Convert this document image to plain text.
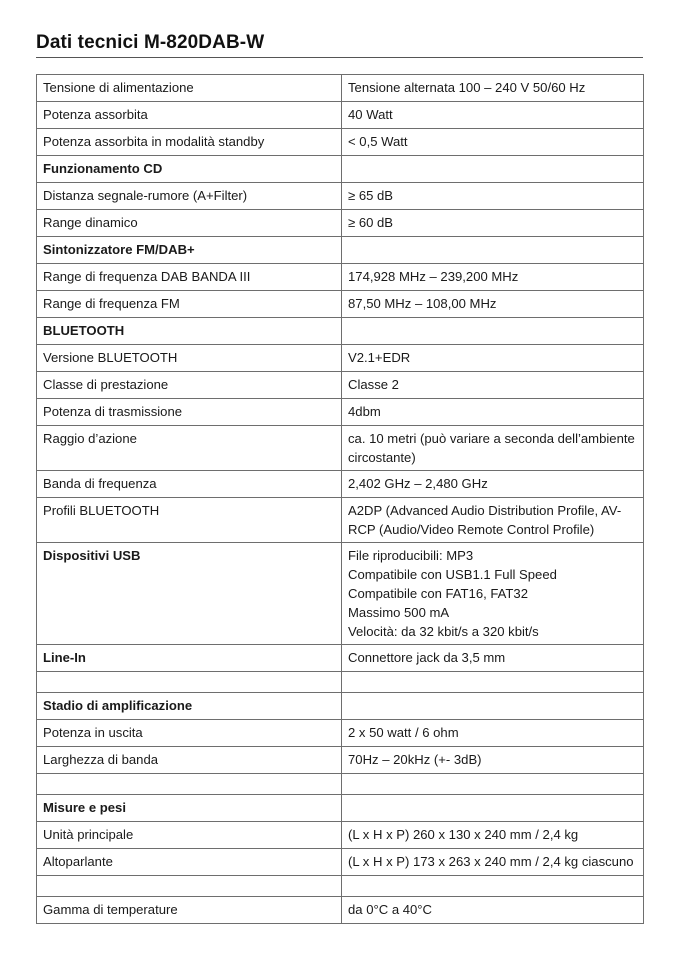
Dati tecnici M-820DAB-W
Tensione di alimentazione	Tensione alternata 100 – 240 V 50/60 Hz

Potenza assorbita	40 Watt

Potenza assorbita in modalità standby	< 0,5 Watt

Funzionamento CD	

Distanza segnale-rumore (A+Filter)	≥ 65 dB

Range dinamico	≥ 60 dB

Sintonizzatore FM/DAB+	

Range di frequenza DAB BANDA III	174,928 MHz – 239,200 MHz

Range di frequenza FM	87,50 MHz – 108,00 MHz

BLUETOOTH	

Versione BLUETOOTH	V2.1+EDR

Classe di prestazione	Classe 2

Potenza di trasmissione	4dbm

Raggio d’azione	ca. 10 metri (può variare a seconda dell’ambiente
circostante)

Banda di frequenza	2,402 GHz – 2,480 GHz

Profili BLUETOOTH	A2DP (Advanced Audio Distribution Profile, AV-
RCP (Audio/Video Remote Control Profile)

Dispositivi USB	File riproducibili: MP3
Compatibile con USB1.1 Full Speed
Compatibile con FAT16, FAT32
Massimo 500 mA
Velocità: da 32 kbit/s a 320 kbit/s

Line-In	Connettore jack da 3,5 mm

Stadio di amplificazione	

Potenza in uscita	2 x 50 watt / 6 ohm

Larghezza di banda	70Hz – 20kHz (+- 3dB)

Misure e pesi	

Unità principale	(L x H x P) 260 x 130 x 240 mm / 2,4 kg

Altoparlante	(L x H x P) 173 x 263 x 240 mm / 2,4 kg ciascuno

Gamma di temperature	da 0°C a 40°C
